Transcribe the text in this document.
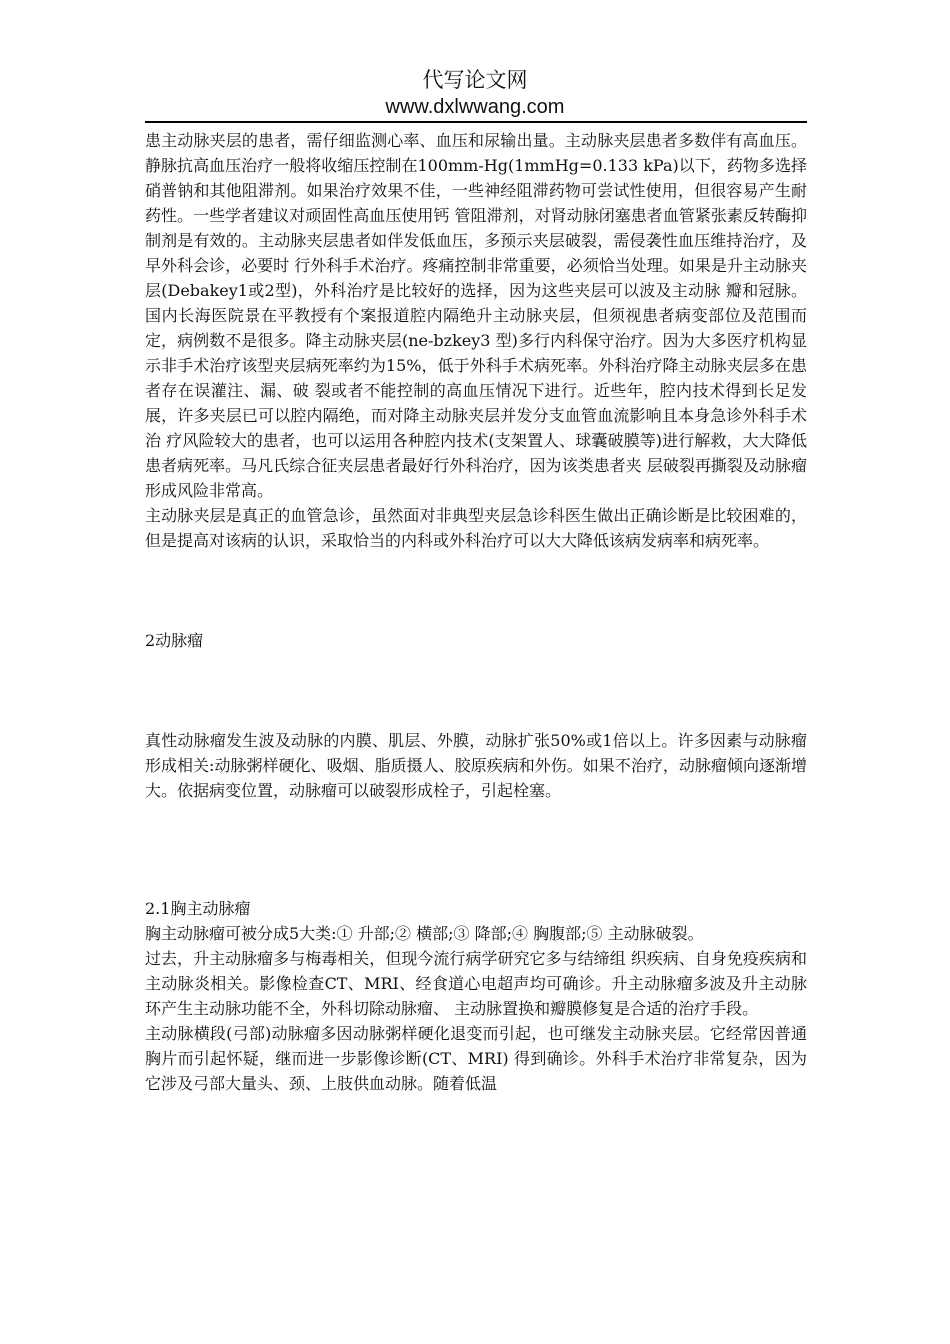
代写论文网
www.dxlwwang.com

患主动脉夹层的患者，需仔细监测心率、血压和尿输出量。主动脉夹层患者多数伴有高血压。静脉抗高血压治疗一般将收缩压控制在100mm-Hg(1mmHg=0.133 kPa)以下，药物多选择硝普钠和其他阻滞剂。如果治疗效果不佳，一些神经阻滞药物可尝试性使用，但很容易产生耐药性。一些学者建议对顽固性高血压使用钙 管阻滞剂，对肾动脉闭塞患者血管紧张素反转酶抑制剂是有效的。主动脉夹层患者如伴发低血压，多预示夹层破裂，需侵袭性血压维持治疗，及早外科会诊，必要时 行外科手术治疗。疼痛控制非常重要，必须恰当处理。如果是升主动脉夹层(Debakey1或2型)，外科治疗是比较好的选择，因为这些夹层可以波及主动脉 瓣和冠脉。国内长海医院景在平教授有个案报道腔内隔绝升主动脉夹层，但须视患者病变部位及范围而定，病例数不是很多。降主动脉夹层(ne-bzkey3 型)多行内科保守治疗。因为大多医疗机构显示非手术治疗该型夹层病死率约为15%，低于外科手术病死率。外科治疗降主动脉夹层多在患者存在误灌注、漏、破 裂或者不能控制的高血压情况下进行。近些年，腔内技术得到长足发展，许多夹层已可以腔内隔绝，而对降主动脉夹层并发分支血管血流影响且本身急诊外科手术治 疗风险较大的患者，也可以运用各种腔内技术(支架置人、球囊破膜等)进行解救，大大降低患者病死率。马凡氏综合征夹层患者最好行外科治疗，因为该类患者夹 层破裂再撕裂及动脉瘤形成风险非常高。

主动脉夹层是真正的血管急诊，虽然面对非典型夹层急诊科医生做出正确诊断是比较困难的，但是提高对该病的认识，采取恰当的内科或外科治疗可以大大降低该病发病率和病死率。

2动脉瘤

真性动脉瘤发生波及动脉的内膜、肌层、外膜，动脉扩张50%或1倍以上。许多因素与动脉瘤形成相关:动脉粥样硬化、吸烟、脂质摄人、胶原疾病和外伤。如果不治疗，动脉瘤倾向逐渐增大。依据病变位置，动脉瘤可以破裂形成栓子，引起栓塞。

2.1胸主动脉瘤

胸主动脉瘤可被分成5大类:① 升部;② 横部;③ 降部;④ 胸腹部;⑤ 主动脉破裂。

过去，升主动脉瘤多与梅毒相关，但现今流行病学研究它多与结缔组 织疾病、自身免疫疾病和主动脉炎相关。影像检查CT、MRI、经食道心电超声均可确诊。升主动脉瘤多波及升主动脉环产生主动脉功能不全，外科切除动脉瘤、 主动脉置换和瓣膜修复是合适的治疗手段。

主动脉横段(弓部)动脉瘤多因动脉粥样硬化退变而引起，也可继发主动脉夹层。它经常因普通胸片而引起怀疑，继而进一步影像诊断(CT、MRI) 得到确诊。外科手术治疗非常复杂，因为它涉及弓部大量头、颈、上肢供血动脉。随着低温
